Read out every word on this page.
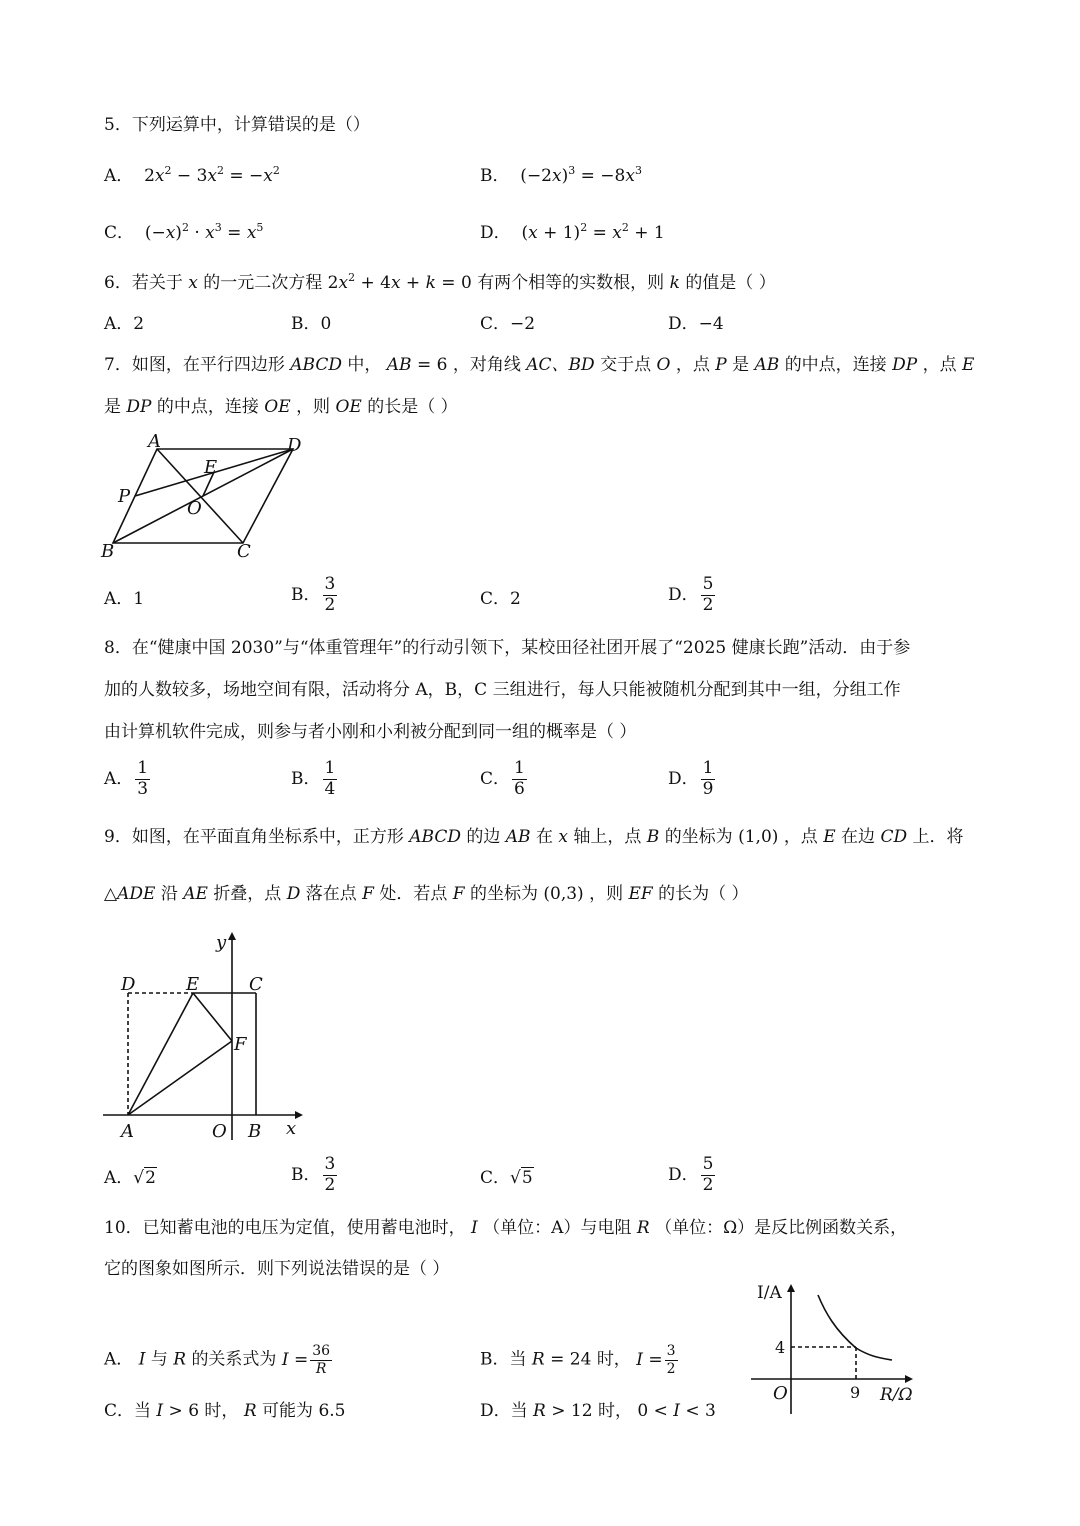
5．下列运算中，计算错误的是（）
A．  $2x^2 - 3x^2 = -x^2$	B．  $(-2x)^3 = -8x^3$
C．  $(-x)^2 \cdot x^3 = x^5$	D．  $(x + 1)^2 = x^2 + 1$
6．若关于 x 的一元二次方程 $2x^2 + 4x + k = 0$ 有两个相等的实数根，则 k 的值是（ ）
A．2	B．0	C．−2	D．−4
7．如图，在平行四边形 ABCD 中， AB = 6 ，对角线 AC、BD 交于点 O ，点 P 是 AB 的中点，连接 DP ，点 E
是 DP 的中点，连接 OE ，则 OE 的长是（ ）
A	D
E
P
O
B	C
A．1	B． $\frac{3}{2}$	C．2	D． $\frac{5}{2}$
8．在“健康中国 2030”与“体重管理年”的行动引领下，某校田径社团开展了“2025 健康长跑”活动．由于参
加的人数较多，场地空间有限，活动将分 A，B，C 三组进行，每人只能被随机分配到其中一组，分组工作
由计算机软件完成，则参与者小刚和小利被分配到同一组的概率是（ ）
A． $\frac{1}{3}$	B． $\frac{1}{4}$	C． $\frac{1}{6}$	D． $\frac{1}{9}$
9．如图，在平面直角坐标系中，正方形 ABCD 的边 AB 在 x 轴上，点 B 的坐标为 (1,0) ，点 E 在边 CD 上．将
△ADE 沿 AE 折叠，点 D 落在点 F 处．若点 F 的坐标为 (0,3) ，则 EF 的长为（ ）
y
D	E	C
F
A	O B x
A．√2	B． $\frac{3}{2}$	C．√5	D． $\frac{5}{2}$
10．已知蓄电池的电压为定值，使用蓄电池时， I （单位：A）与电阻 R （单位：Ω）是反比例函数关系，
它的图象如图所示．则下列说法错误的是（ ）
A． I 与 R 的关系式为 $I = \frac{36}{R}$	B．当 R = 24 时， $I = \frac{3}{2}$
C．当 I > 6 时， R 可能为 6.5	D．当 R > 12 时， 0 < I < 3
I/A
4
O	9 R/Ω
